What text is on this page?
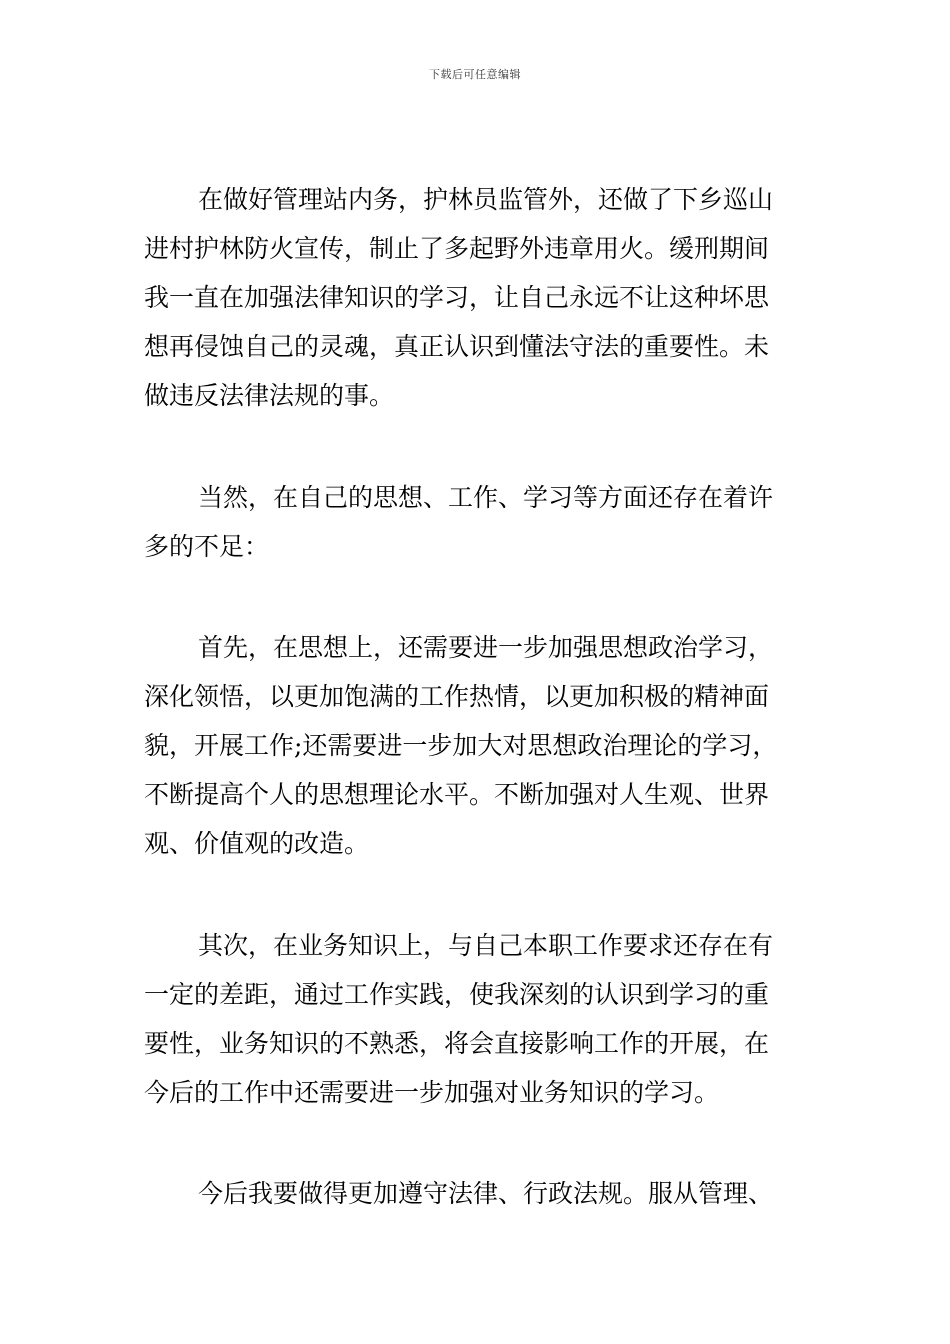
下载后可任意编辑
在做好管理站内务，护林员监管外，还做了下乡巡山
进村护林防火宣传，制止了多起野外违章用火。缓刑期间
我一直在加强法律知识的学习，让自己永远不让这种坏思
想再侵蚀自己的灵魂，真正认识到懂法守法的重要性。未
做违反法律法规的事。
当然，在自己的思想、工作、学习等方面还存在着许
多的不足：
首先，在思想上，还需要进一步加强思想政治学习，
深化领悟，以更加饱满的工作热情，以更加积极的精神面
貌，开展工作;还需要进一步加大对思想政治理论的学习，
不断提高个人的思想理论水平。不断加强对人生观、世界
观、价值观的改造。
其次，在业务知识上，与自己本职工作要求还存在有
一定的差距，通过工作实践，使我深刻的认识到学习的重
要性，业务知识的不熟悉，将会直接影响工作的开展，在
今后的工作中还需要进一步加强对业务知识的学习。
今后我要做得更加遵守法律、行政法规。服从管理、
